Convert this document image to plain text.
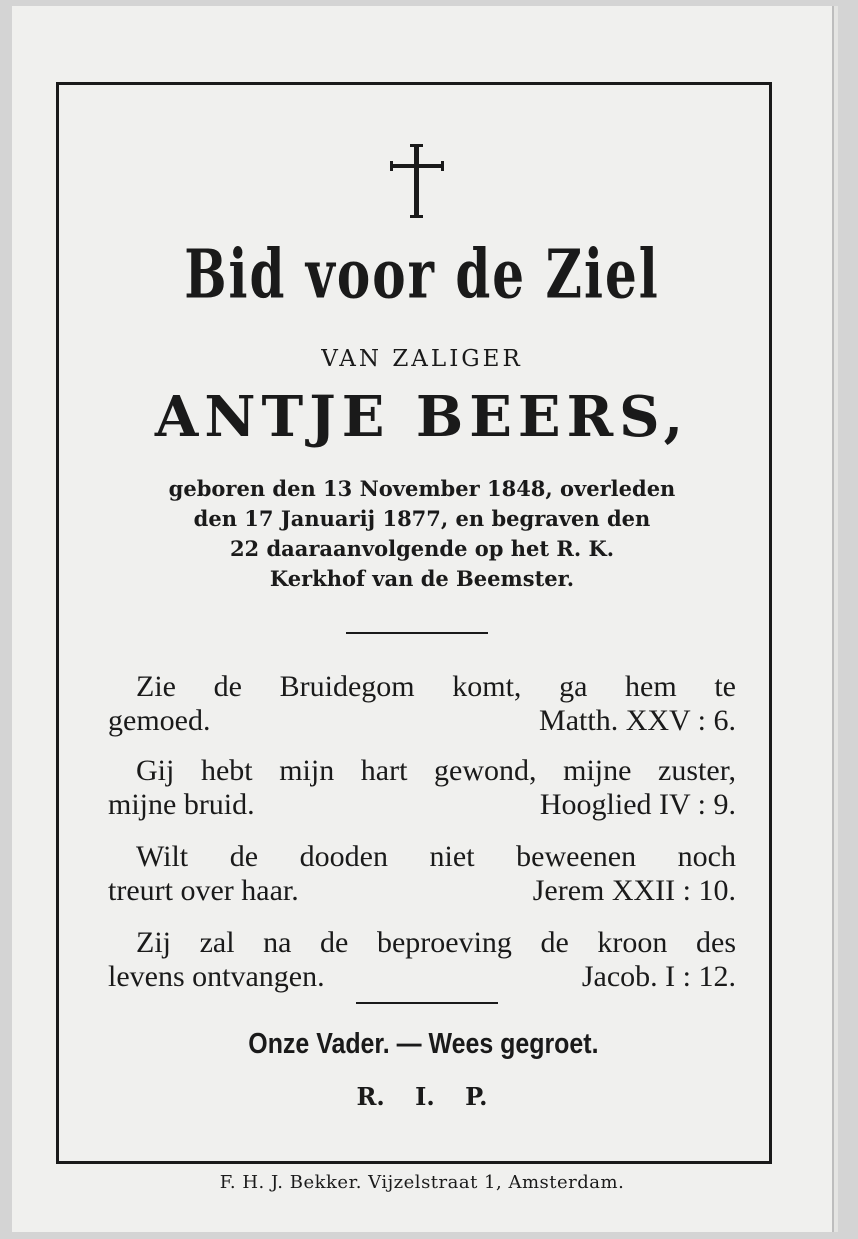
Bid voor de Ziel
VAN ZALIGER
ANTJE BEERS,
geboren den 13 November 1848, overleden
den 17 Januarij 1877, en begraven den
22 daaraanvolgende op het R. K.
Kerkhof van de Beemster.
Zie de Bruidegom komt, ga hem te
gemoed.	Matth. XXV : 6.
Gij hebt mijn hart gewond, mijne zuster,
mijne bruid.	Hooglied IV : 9.
Wilt de dooden niet beweenen noch
treurt over haar.	Jerem XXII : 10.
Zij zal na de beproeving de kroon des
levens ontvangen.	Jacob. I : 12.
Onze Vader. — Wees gegroet.
R. I. P.
F. H. J. Bekker. Vijzelstraat 1, Amsterdam.
